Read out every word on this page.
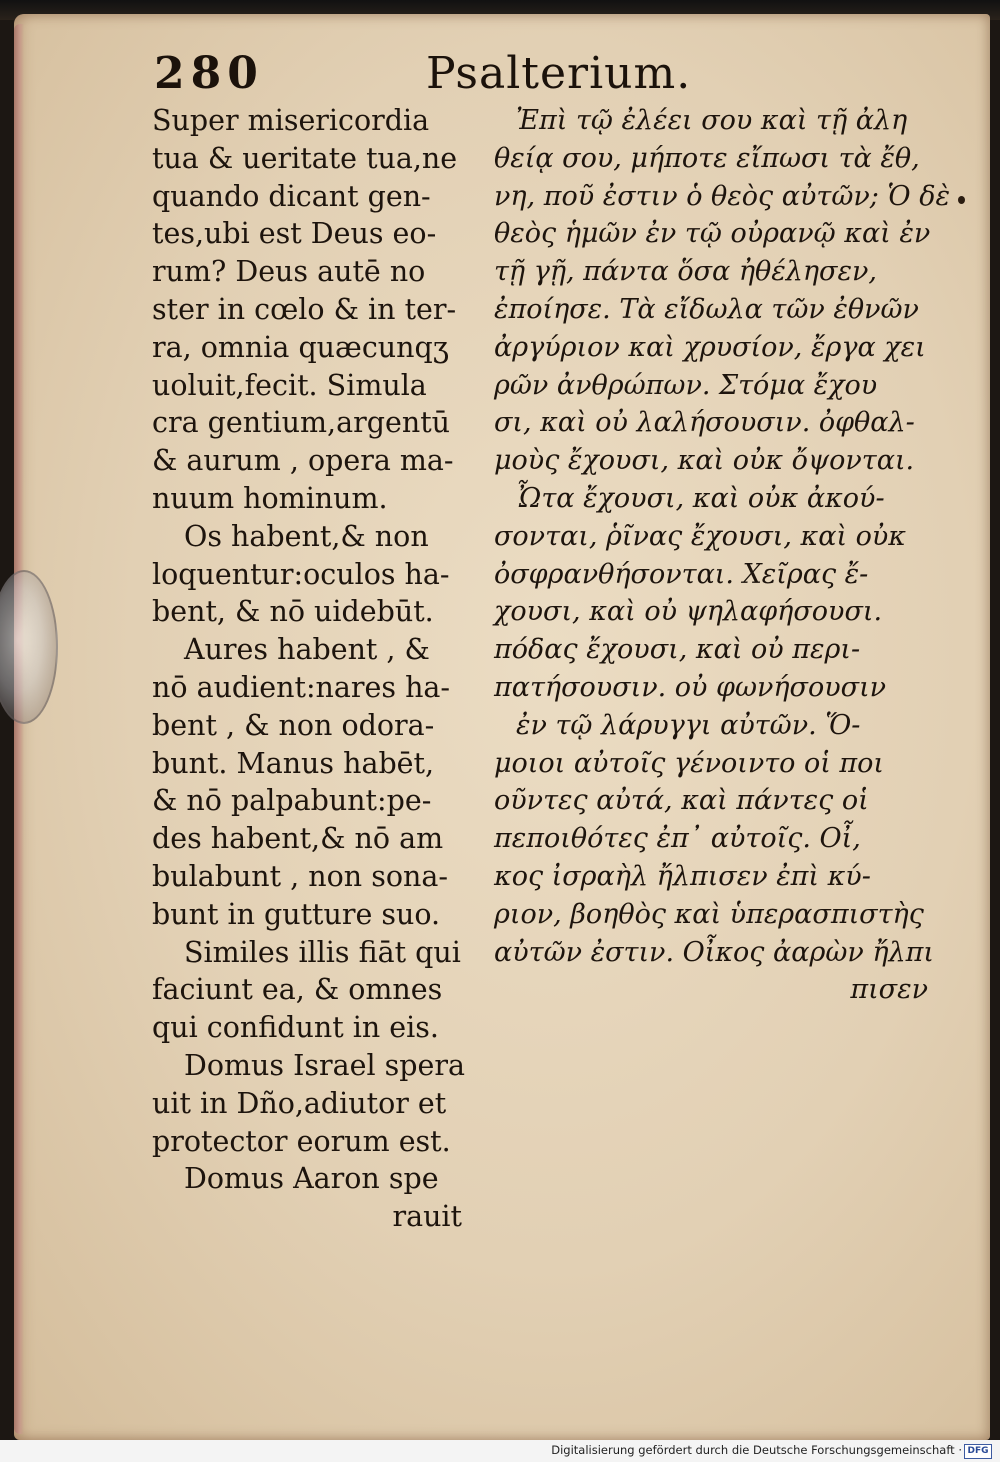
280	Psalterium.
Super misericordia
tua & ueritate tua,ne
quando dicant gen-
tes,ubi est Deus eo-
rum? Deus autē no
ster in cœlo & in ter-
ra, omnia quæcunqʒ
uoluit,fecit. Simula
cra gentium,argentū
& aurum , opera ma-
nuum hominum.
Os habent,& non
loquentur:oculos ha-
bent, & nō uidebūt.
Aures habent , &
nō audient:nares ha-
bent , & non odora-
bunt. Manus habēt,
& nō palpabunt:pe-
des habent,& nō am
bulabunt , non sona-
bunt in gutture suo.
Similes illis fiāt qui
faciunt ea, & omnes
qui confidunt in eis.
Domus Israel spera
uit in Dño,adiutor et
protector eorum est.
Domus Aaron spe
rauit
Ἐπὶ τῷ ἐλέει σου καὶ τῇ ἀλη
θείᾳ σου, μήποτε εἴπωσι τὰ ἔθ,
νη, ποῦ ἐστιν ὁ θεὸς αὐτῶν; Ὁ δὲ
θεὸς ἡμῶν ἐν τῷ οὐρανῷ καὶ ἐν
τῇ γῇ, πάντα ὅσα ἠθέλησεν,
ἐποίησε. Τὰ εἴδωλα τῶν ἐθνῶν
ἀργύριον καὶ χρυσίον, ἔργα χει
ρῶν ἀνθρώπων. Στόμα ἔχου
σι, καὶ οὐ λαλήσουσιν. ὀφθαλ-
μοὺς ἔχουσι, καὶ οὐκ ὄψονται.
Ὦτα ἔχουσι, καὶ οὐκ ἀκού-
σονται, ῥῖνας ἔχουσι, καὶ οὐκ
ὀσφρανθήσονται. Χεῖρας ἔ-
χουσι, καὶ οὐ ψηλαφήσουσι.
πόδας ἔχουσι, καὶ οὐ περι-
πατήσουσιν. οὐ φωνήσουσιν
ἐν τῷ λάρυγγι αὐτῶν. Ὅ-
μοιοι αὐτοῖς γένοιντο οἱ ποι
οῦντες αὐτά, καὶ πάντες οἱ
πεποιθότες ἐπ᾽ αὐτοῖς. Οἶ,
κος ἰσραὴλ ἤλπισεν ἐπὶ κύ-
ριον, βοηθὸς καὶ ὑπερασπιστὴς
αὐτῶν ἐστιν. Οἶκος ἀαρὼν ἤλπι
πισεν
Digitalisierung gefördert durch die Deutsche Forschungsgemeinschaft · DFG
